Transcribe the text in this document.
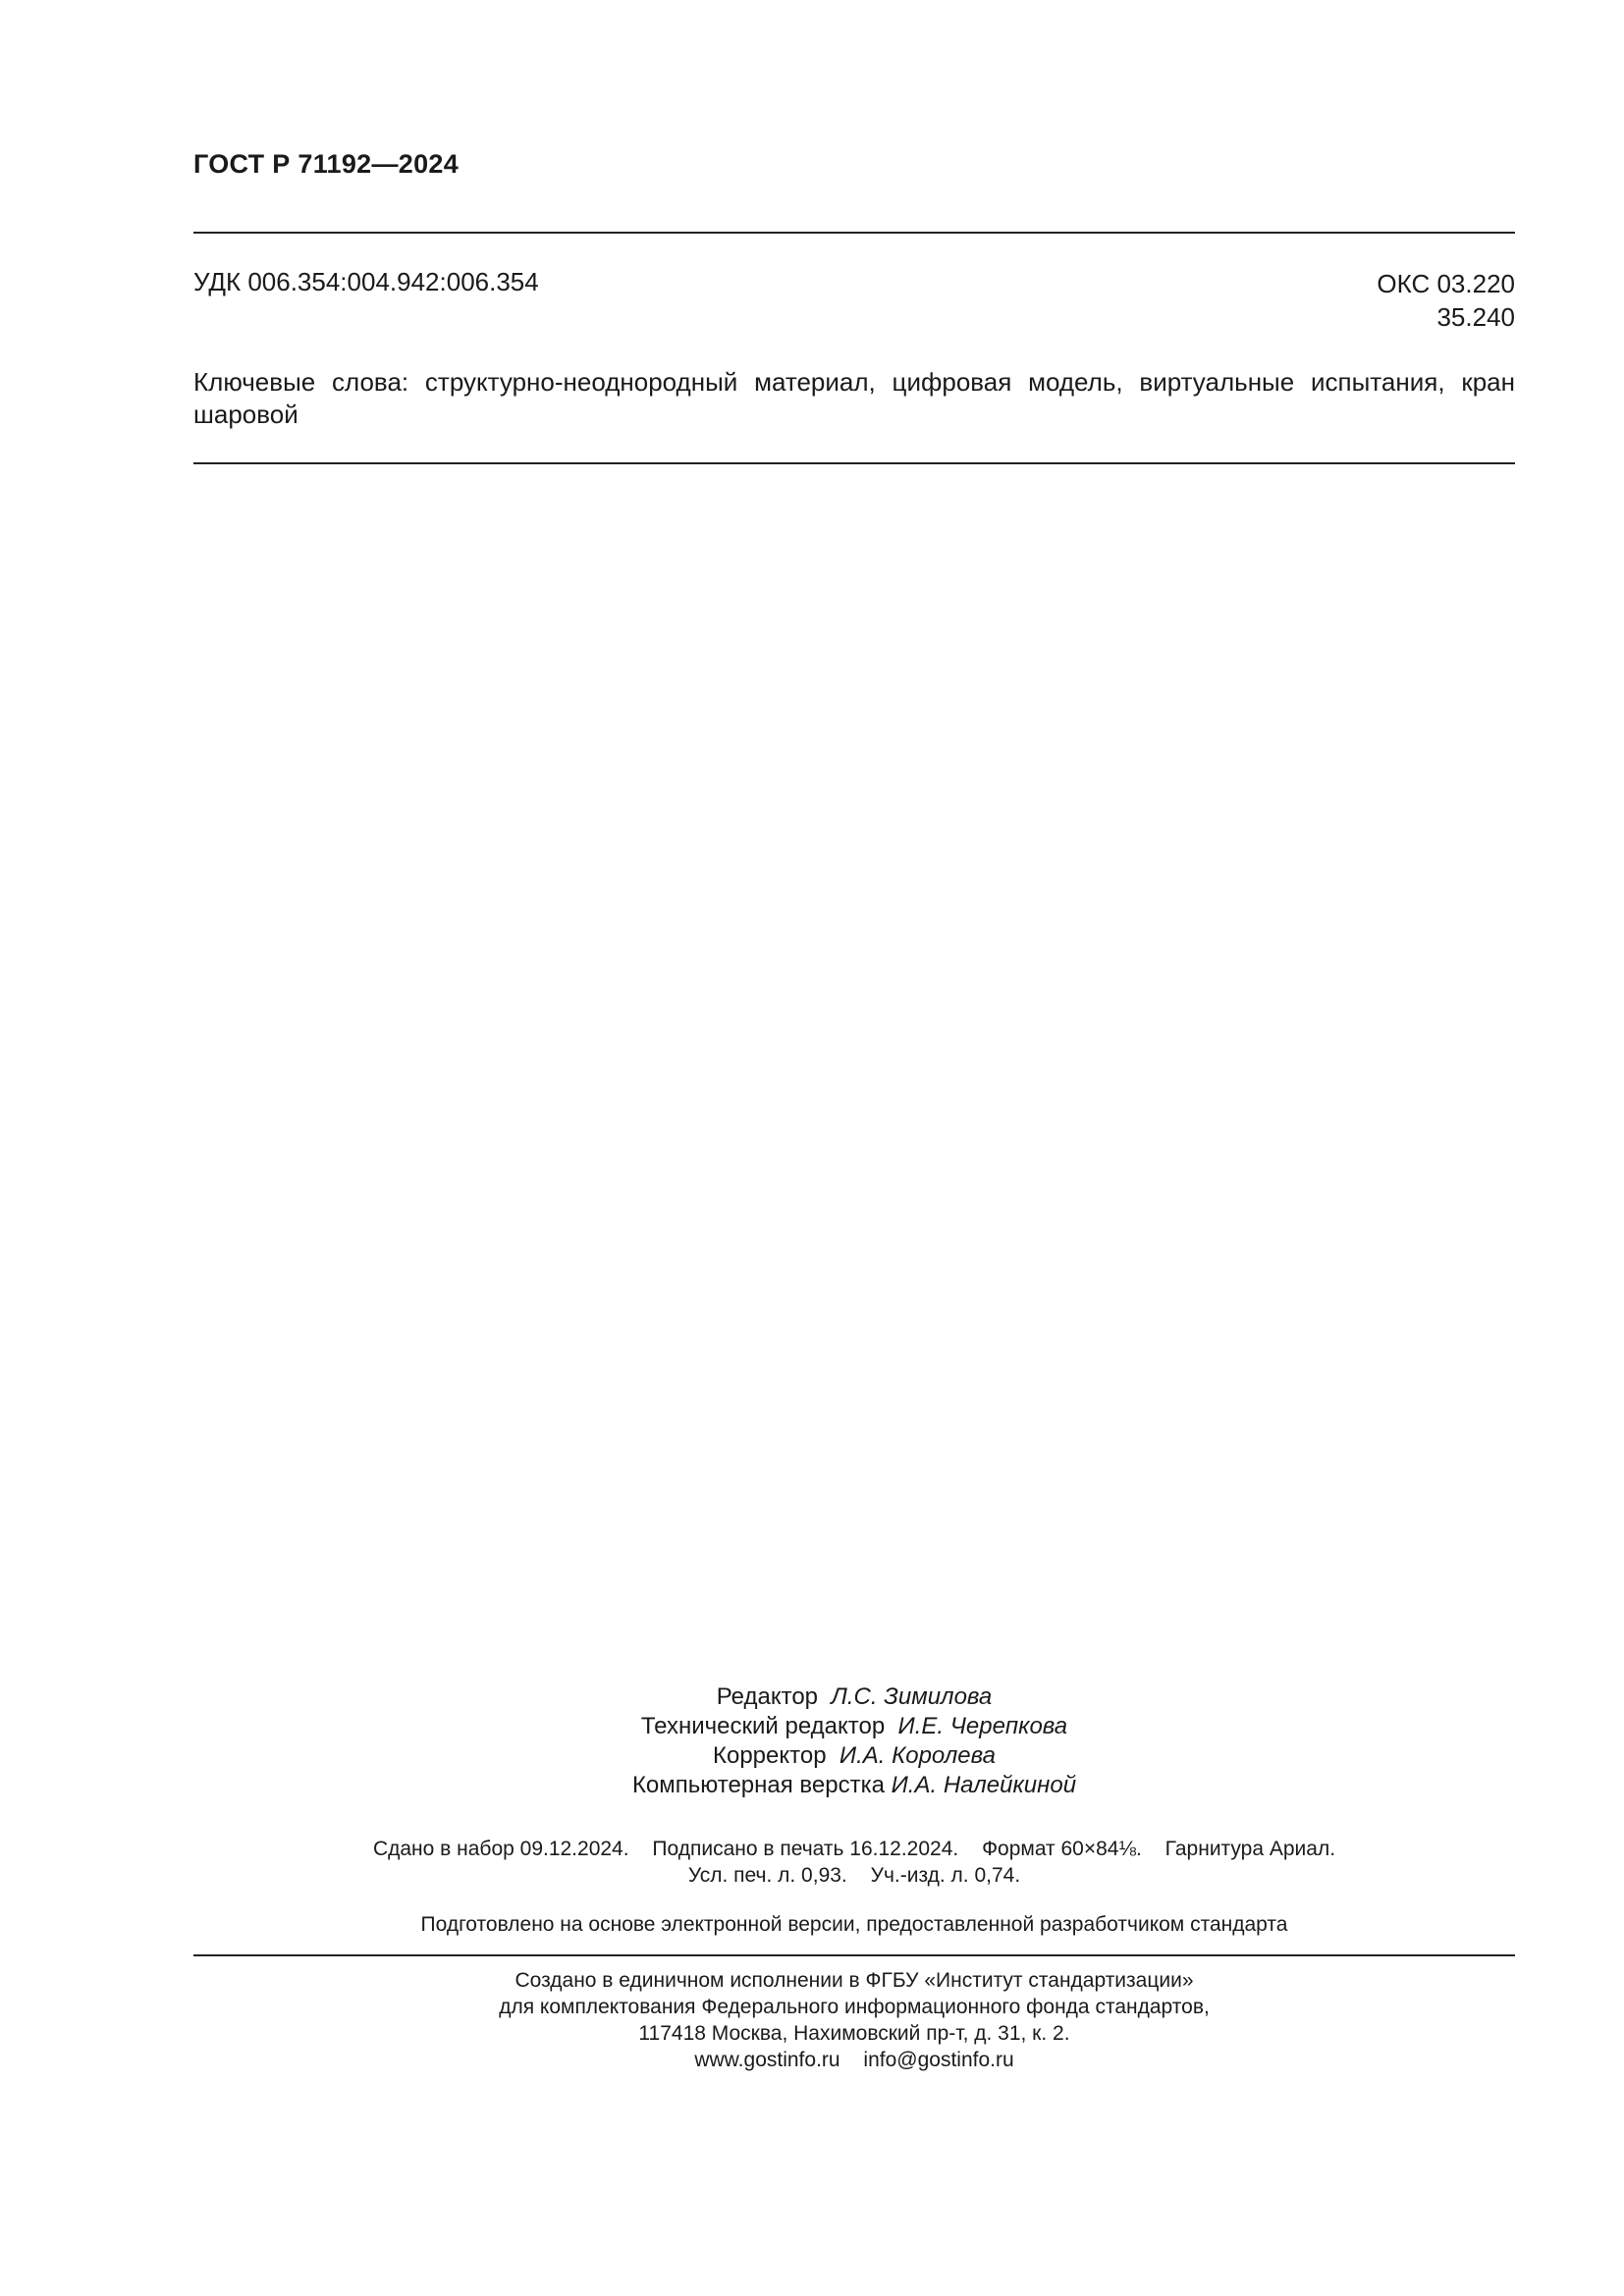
ГОСТ Р 71192—2024
УДК 006.354:004.942:006.354	ОКС 03.220
35.240
Ключевые слова: структурно-неоднородный материал, цифровая модель, виртуальные испытания, кран шаровой
Редактор Л.С. Зимилова
Технический редактор И.Е. Черепкова
Корректор И.А. Королева
Компьютерная верстка И.А. Налейкиной
Сдано в набор 09.12.2024. Подписано в печать 16.12.2024. Формат 60×84⅛. Гарнитура Ариал.
Усл. печ. л. 0,93. Уч.-изд. л. 0,74.
Подготовлено на основе электронной версии, предоставленной разработчиком стандарта
Создано в единичном исполнении в ФГБУ «Институт стандартизации»
для комплектования Федерального информационного фонда стандартов,
117418 Москва, Нахимовский пр-т, д. 31, к. 2.
www.gostinfo.ru info@gostinfo.ru
